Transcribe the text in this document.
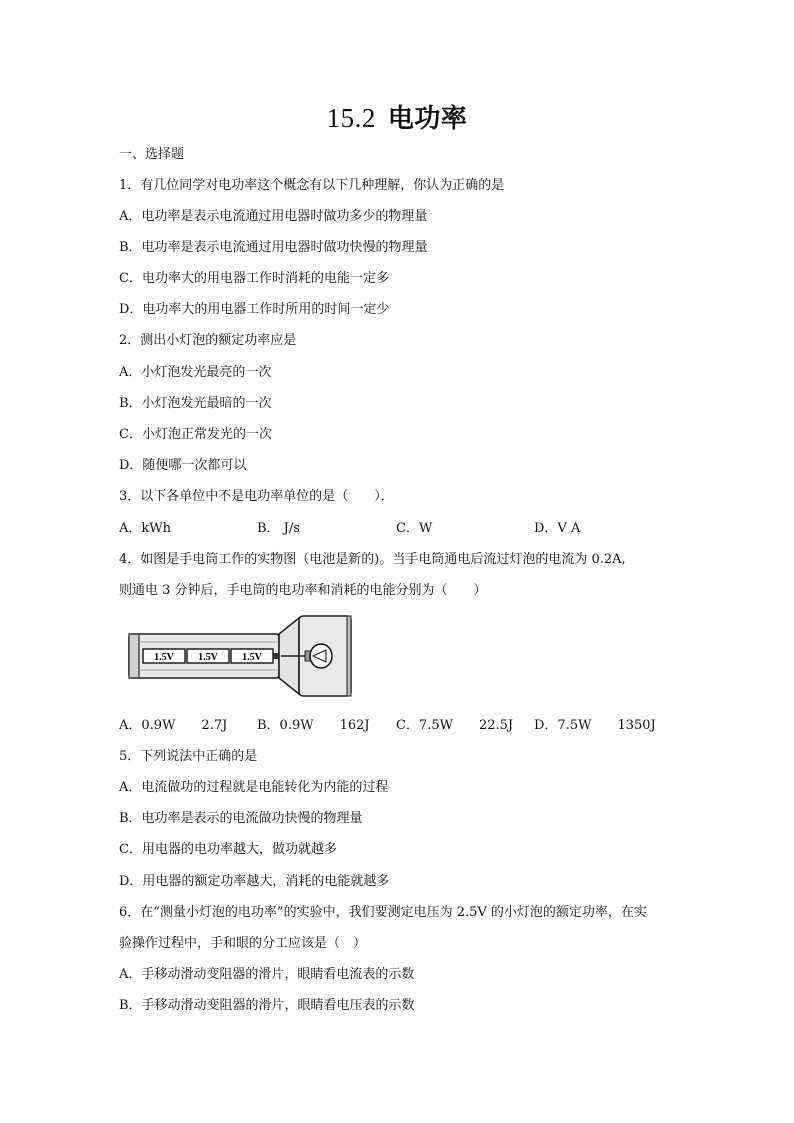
15.2 电功率
一、选择题
1．有几位同学对电功率这个概念有以下几种理解，你认为正确的是
A．电功率是表示电流通过用电器时做功多少的物理量
B．电功率是表示电流通过用电器时做功快慢的物理量
C．电功率大的用电器工作时消耗的电能一定多
D．电功率大的用电器工作时所用的时间一定少
2．测出小灯泡的额定功率应是
A．小灯泡发光最亮的一次
B．小灯泡发光最暗的一次
C．小灯泡正常发光的一次
D．随便哪一次都可以
3．以下各单位中不是电功率单位的是（　　）．
A．kWh	B． J/s	C．W	D．V A
4．如图是手电筒工作的实物图（电池是新的)。当手电筒通电后流过灯泡的电流为 0.2A,
则通电 3 分钟后，手电筒的电功率和消耗的电能分别为（　　）
1.5V 1.5V 1.5V
A．0.9W　　2.7J B．0.9W　　162J C．7.5W　　22.5J D．7.5W　　1350J
5．下列说法中正确的是
A．电流做功的过程就是电能转化为内能的过程
B．电功率是表示的电流做功快慢的物理量
C．用电器的电功率越大，做功就越多
D．用电器的额定功率越大，消耗的电能就越多
6．在“测量小灯泡的电功率”的实验中，我们要测定电压为 2.5V 的小灯泡的额定功率，在实
验操作过程中，手和眼的分工应该是（　）
A．手移动滑动变阻器的滑片，眼睛看电流表的示数
B．手移动滑动变阻器的滑片，眼睛看电压表的示数
